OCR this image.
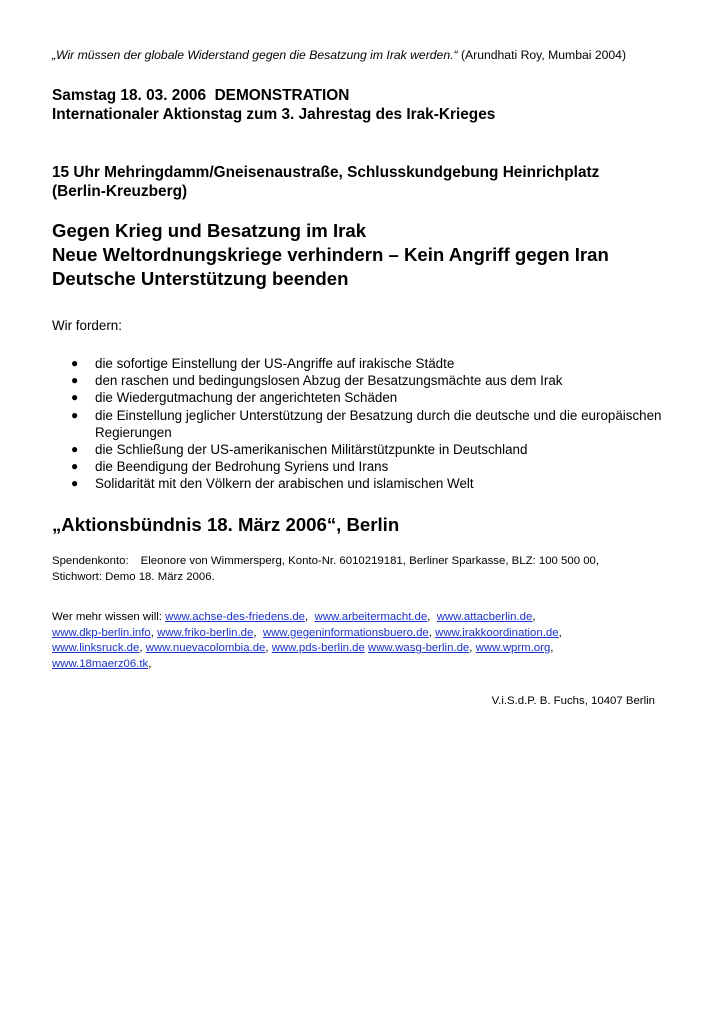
„Wir müssen der globale Widerstand gegen die Besatzung im Irak werden.“ (Arundhati Roy, Mumbai 2004)
Samstag 18. 03. 2006  DEMONSTRATION
Internationaler Aktionstag zum 3. Jahrestag des Irak-Krieges
15 Uhr Mehringdamm/Gneisenaustraße, Schlusskundgebung Heinrichplatz
(Berlin-Kreuzberg)
Gegen Krieg und Besatzung im Irak
Neue Weltordnungskriege verhindern – Kein Angriff gegen Iran
Deutsche Unterstützung beenden
Wir fordern:
● die sofortige Einstellung der US-Angriffe auf irakische Städte
● den raschen und bedingungslosen Abzug der Besatzungsmächte aus dem Irak
● die Wiedergutmachung der angerichteten Schäden
● die Einstellung jeglicher Unterstützung der Besatzung durch die deutsche und die europäischen Regierungen
● die Schließung der US-amerikanischen Militärstützpunkte in Deutschland
● die Beendigung der Bedrohung Syriens und Irans
● Solidarität mit den Völkern der arabischen und islamischen Welt
„Aktionsbündnis 18. März 2006“, Berlin
Spendenkonto: Eleonore von Wimmersperg, Konto-Nr. 6010219181, Berliner Sparkasse, BLZ: 100 500 00,
Stichwort: Demo 18. März 2006.
Wer mehr wissen will: www.achse-des-friedens.de,  www.arbeitermacht.de,  www.attacberlin.de,
www.dkp-berlin.info, www.friko-berlin.de,  www.gegeninformationsbuero.de, www.irakkoordination.de,
www.linksruck.de, www.nuevacolombia.de, www.pds-berlin.de www.wasg-berlin.de, www.wprm.org,
www.18maerz06.tk,
V.i.S.d.P. B. Fuchs, 10407 Berlin
